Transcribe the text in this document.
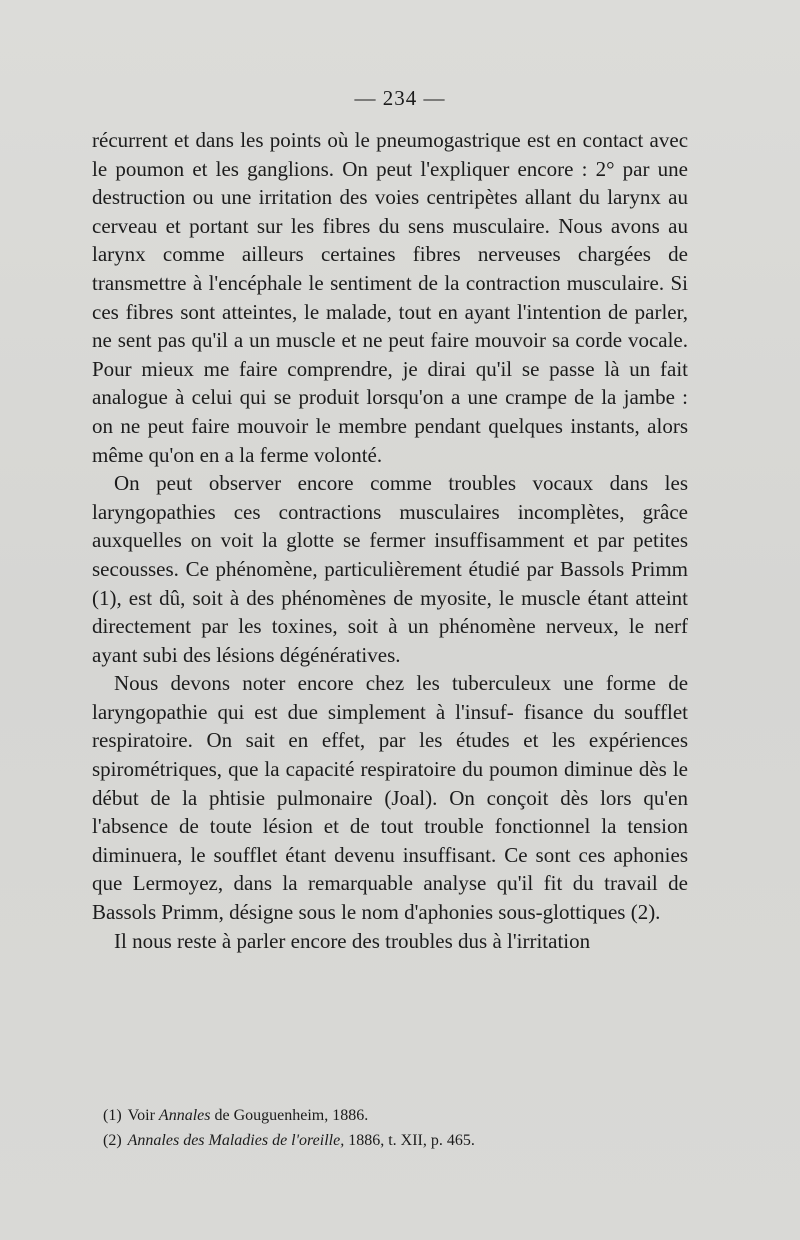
— 234 —

récurrent et dans les points où le pneumogastrique est en contact avec le poumon et les ganglions. On peut l'expliquer encore : 2° par une destruction ou une irritation des voies centripètes allant du larynx au cerveau et portant sur les fibres du sens musculaire. Nous avons au larynx comme ailleurs certaines fibres nerveuses chargées de transmettre à l'encéphale le sentiment de la contraction musculaire. Si ces fibres sont atteintes, le malade, tout en ayant l'intention de parler, ne sent pas qu'il a un muscle et ne peut faire mouvoir sa corde vocale. Pour mieux me faire comprendre, je dirai qu'il se passe là un fait analogue à celui qui se produit lorsqu'on a une crampe de la jambe : on ne peut faire mouvoir le membre pendant quelques instants, alors même qu'on en a la ferme volonté.

On peut observer encore comme troubles vocaux dans les laryngopathies ces contractions musculaires incomplètes, grâce auxquelles on voit la glotte se fermer insuffisamment et par petites secousses. Ce phénomène, particulièrement étudié par Bassols Primm (1), est dû, soit à des phénomènes de myosite, le muscle étant atteint directement par les toxines, soit à un phénomène nerveux, le nerf ayant subi des lésions dégénératives.

Nous devons noter encore chez les tuberculeux une forme de laryngopathie qui est due simplement à l'insuf- fisance du soufflet respiratoire. On sait en effet, par les études et les expériences spirométriques, que la capacité respiratoire du poumon diminue dès le début de la phtisie pulmonaire (Joal). On conçoit dès lors qu'en l'absence de toute lésion et de tout trouble fonctionnel la tension diminuera, le soufflet étant devenu insuffisant. Ce sont ces aphonies que Lermoyez, dans la remarquable analyse qu'il fit du travail de Bassols Primm, désigne sous le nom d'aphonies sous-glottiques (2).

Il nous reste à parler encore des troubles dus à l'irritation

(1) Voir Annales de Gouguenheim, 1886.
(2) Annales des Maladies de l'oreille, 1886, t. XII, p. 465.
